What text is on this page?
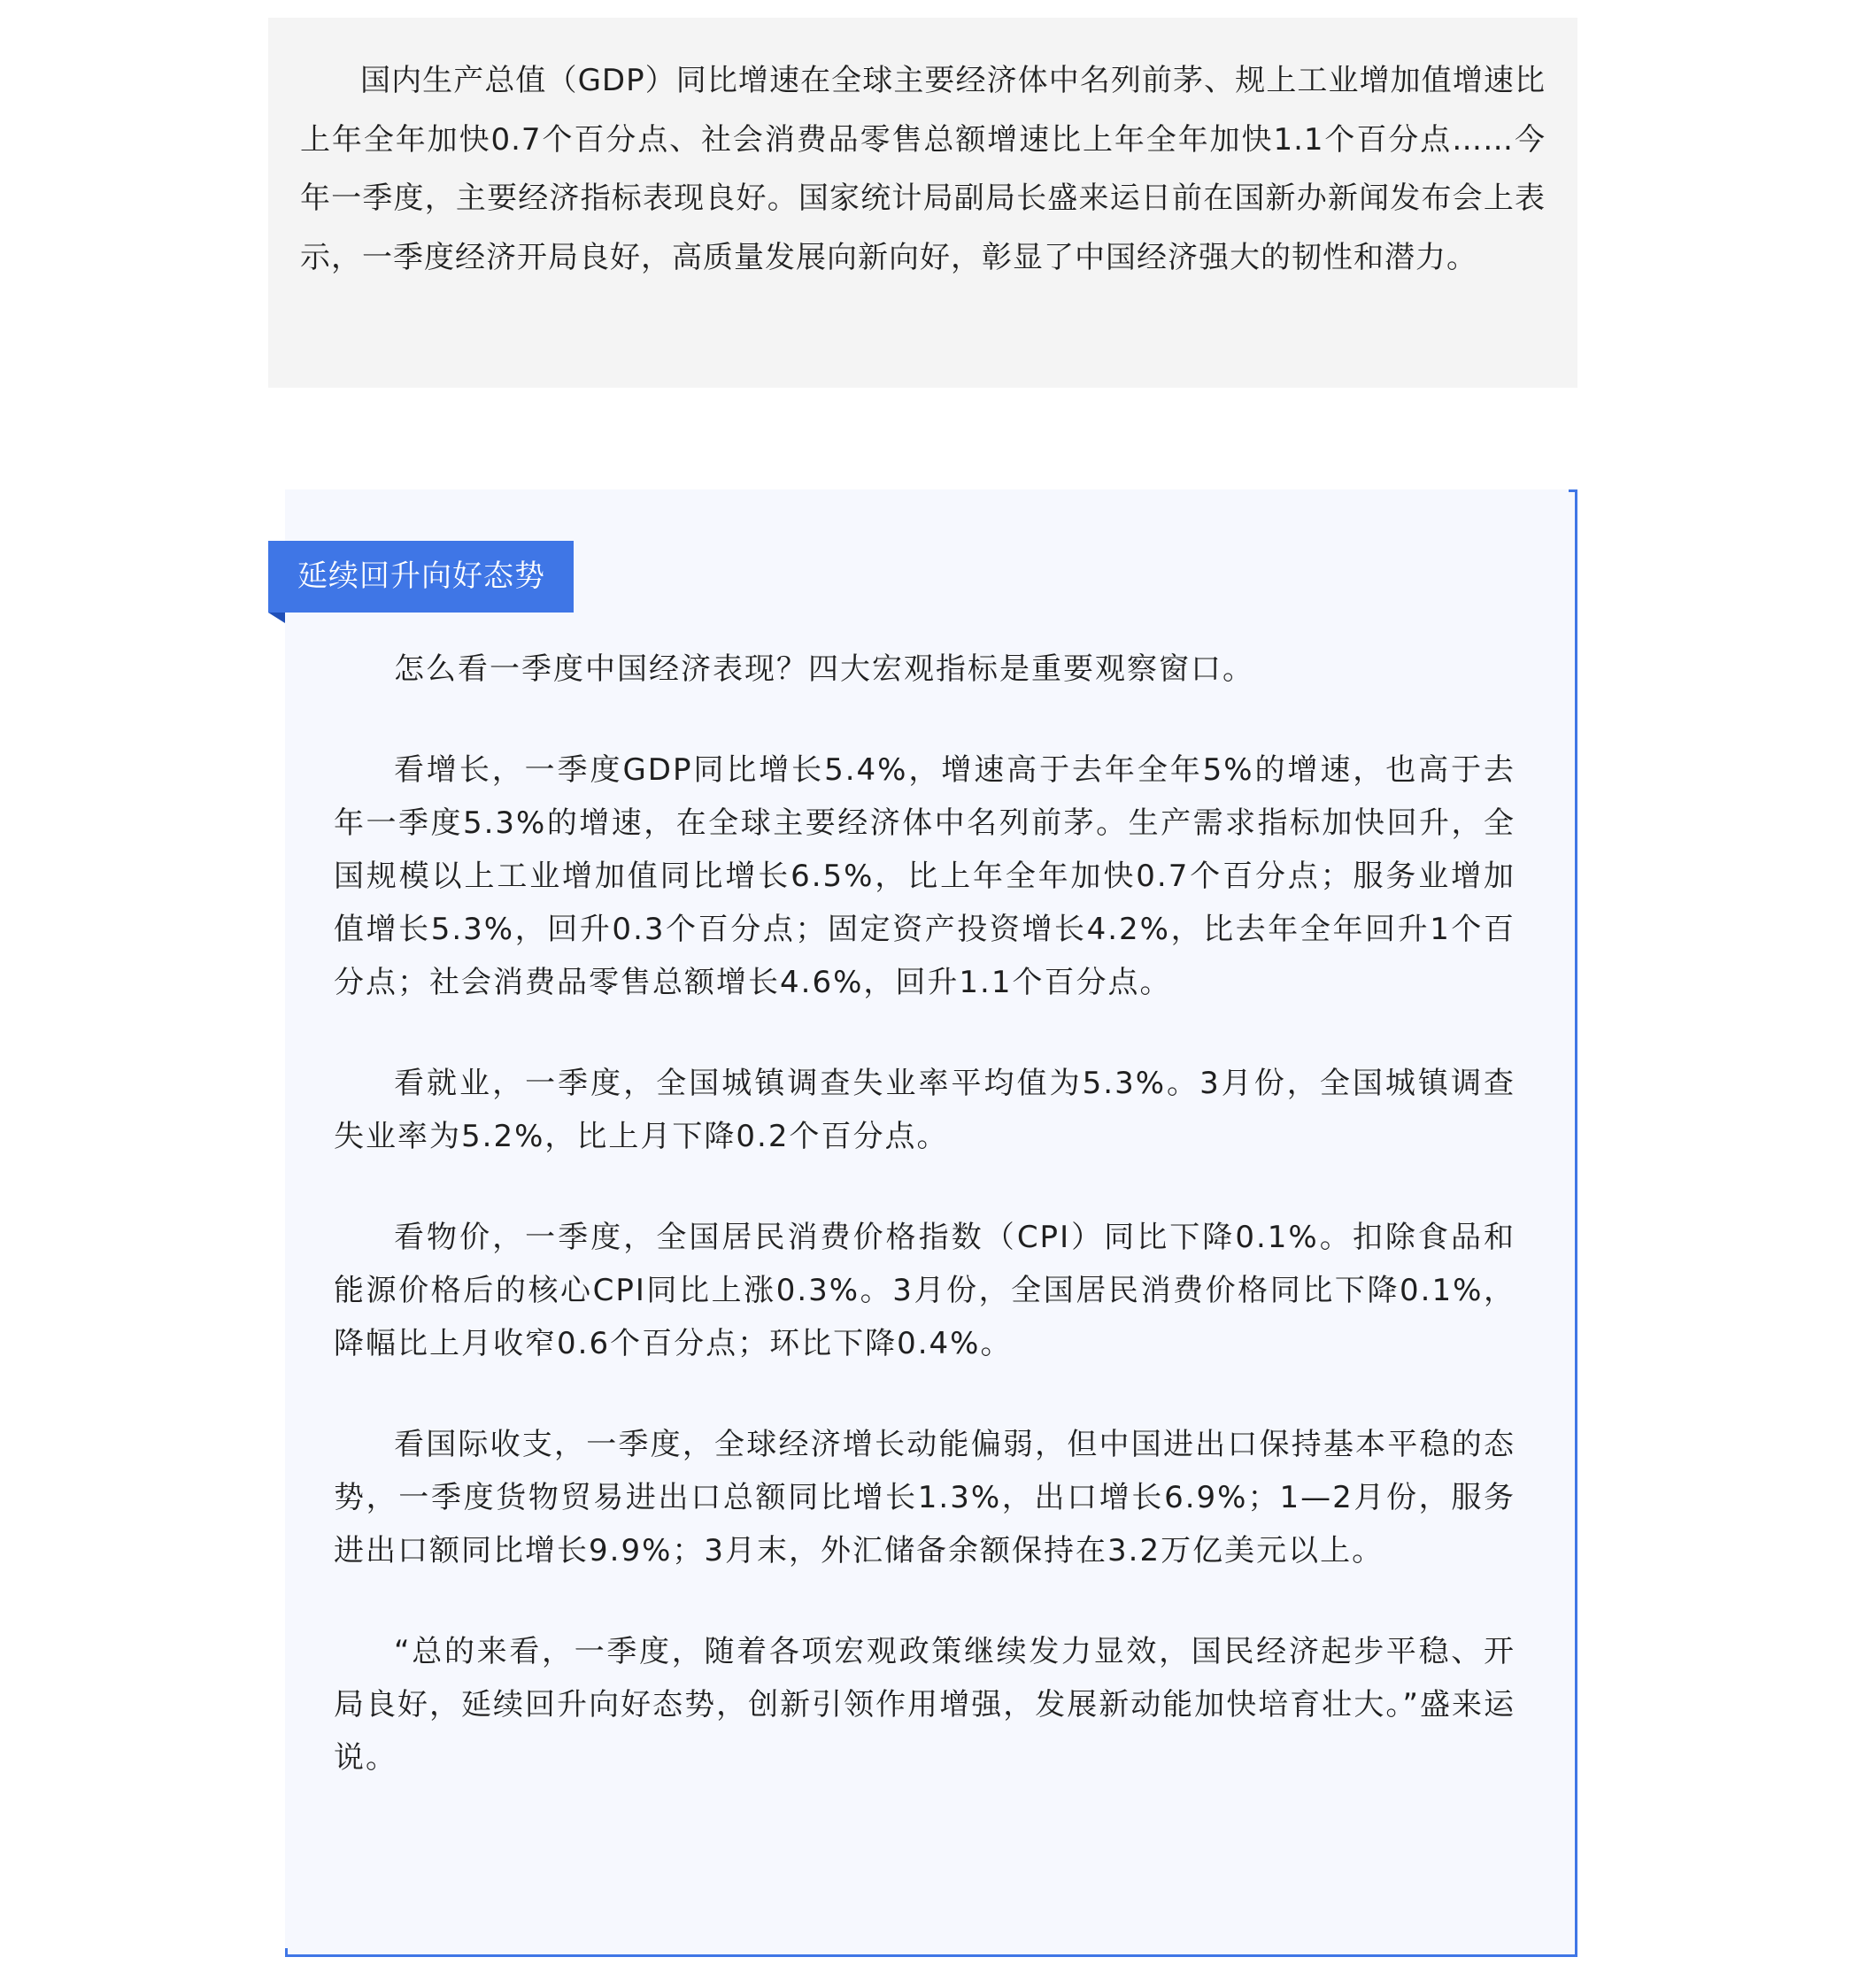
国内生产总值（GDP）同比增速在全球主要经济体中名列前茅、规上工业增加值增速比上年全年加快0.7个百分点、社会消费品零售总额增速比上年全年加快1.1个百分点……今年一季度，主要经济指标表现良好。国家统计局副局长盛来运日前在国新办新闻发布会上表示，一季度经济开局良好，高质量发展向新向好，彰显了中国经济强大的韧性和潜力。

延续回升向好态势

怎么看一季度中国经济表现？四大宏观指标是重要观察窗口。

看增长，一季度GDP同比增长5.4%，增速高于去年全年5%的增速，也高于去年一季度5.3%的增速，在全球主要经济体中名列前茅。生产需求指标加快回升，全国规模以上工业增加值同比增长6.5%，比上年全年加快0.7个百分点；服务业增加值增长5.3%，回升0.3个百分点；固定资产投资增长4.2%，比去年全年回升1个百分点；社会消费品零售总额增长4.6%，回升1.1个百分点。

看就业，一季度，全国城镇调查失业率平均值为5.3%。3月份，全国城镇调查失业率为5.2%，比上月下降0.2个百分点。

看物价，一季度，全国居民消费价格指数（CPI）同比下降0.1%。扣除食品和能源价格后的核心CPI同比上涨0.3%。3月份，全国居民消费价格同比下降0.1%，降幅比上月收窄0.6个百分点；环比下降0.4%。

看国际收支，一季度，全球经济增长动能偏弱，但中国进出口保持基本平稳的态势，一季度货物贸易进出口总额同比增长1.3%，出口增长6.9%；1—2月份，服务进出口额同比增长9.9%；3月末，外汇储备余额保持在3.2万亿美元以上。

“总的来看，一季度，随着各项宏观政策继续发力显效，国民经济起步平稳、开局良好，延续回升向好态势，创新引领作用增强，发展新动能加快培育壮大。”盛来运说。
